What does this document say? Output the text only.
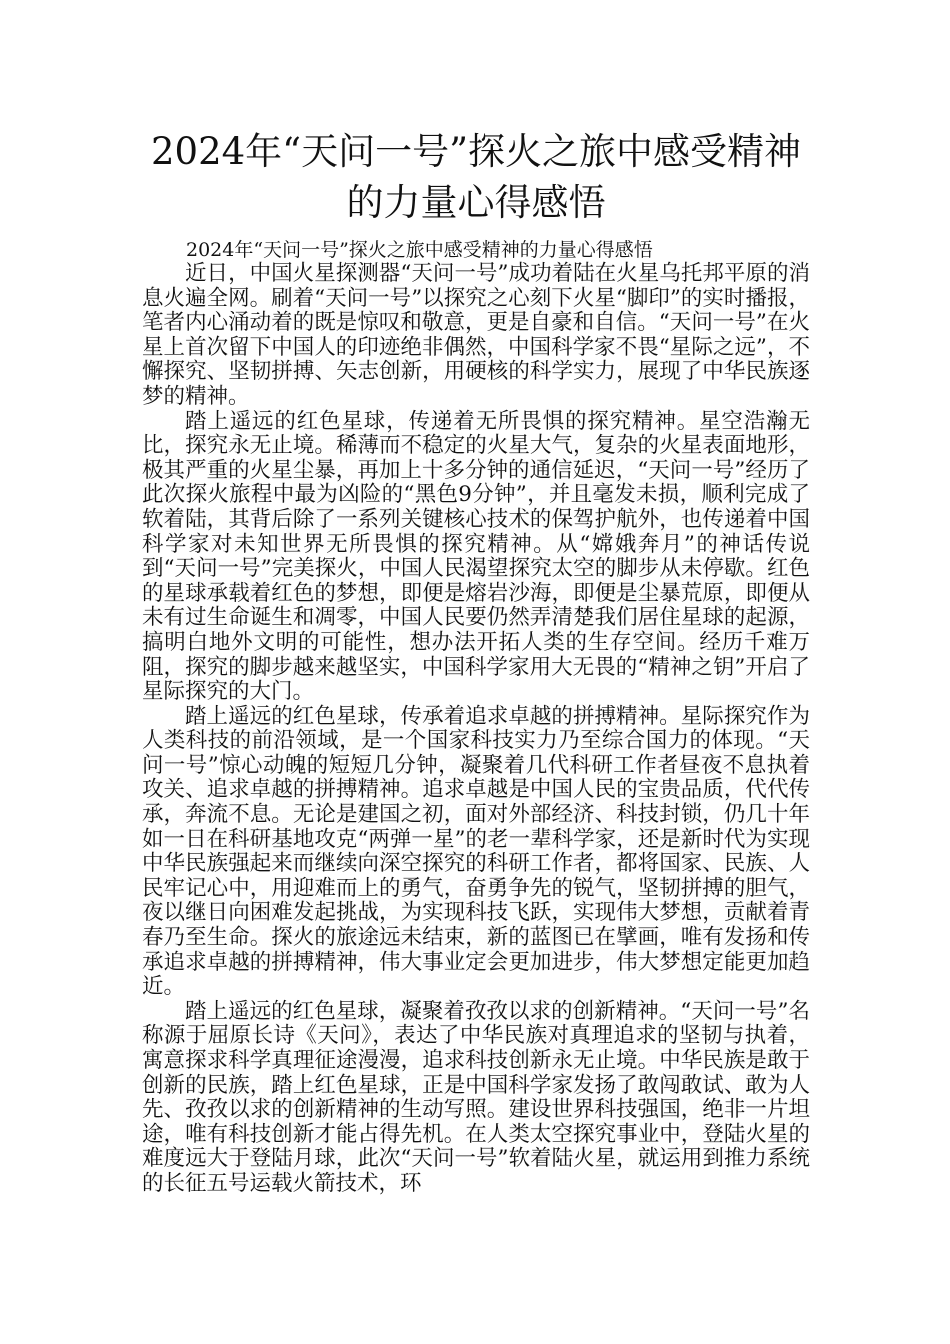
2024年“天问一号”探火之旅中感受精神的力量心得感悟
2024年“天问一号”探火之旅中感受精神的力量心得感悟

近日，中国火星探测器“天问一号”成功着陆在火星乌托邦平原的消息火遍全网。刷着“天问一号”以探究之心刻下火星“脚印”的实时播报，笔者内心涌动着的既是惊叹和敬意，更是自豪和自信。“天问一号”在火星上首次留下中国人的印迹绝非偶然，中国科学家不畏“星际之远”，不懈探究、坚韧拼搏、矢志创新，用硬核的科学实力，展现了中华民族逐梦的精神。

踏上遥远的红色星球，传递着无所畏惧的探究精神。星空浩瀚无比，探究永无止境。稀薄而不稳定的火星大气，复杂的火星表面地形，极其严重的火星尘暴，再加上十多分钟的通信延迟，“天问一号”经历了此次探火旅程中最为凶险的“黑色9分钟”，并且毫发未损，顺利完成了软着陆，其背后除了一系列关键核心技术的保驾护航外，也传递着中国科学家对未知世界无所畏惧的探究精神。从“嫦娥奔月”的神话传说到“天问一号”完美探火，中国人民渴望探究太空的脚步从未停歇。红色的星球承载着红色的梦想，即便是熔岩沙海，即便是尘暴荒原，即便从未有过生命诞生和凋零，中国人民要仍然弄清楚我们居住星球的起源，搞明白地外文明的可能性，想办法开拓人类的生存空间。经历千难万阻，探究的脚步越来越坚实，中国科学家用大无畏的“精神之钥”开启了星际探究的大门。

踏上遥远的红色星球，传承着追求卓越的拼搏精神。星际探究作为人类科技的前沿领域，是一个国家科技实力乃至综合国力的体现。“天问一号”惊心动魄的短短几分钟，凝聚着几代科研工作者昼夜不息执着攻关、追求卓越的拼搏精神。追求卓越是中国人民的宝贵品质，代代传承，奔流不息。无论是建国之初，面对外部经济、科技封锁，仍几十年如一日在科研基地攻克“两弹一星”的老一辈科学家，还是新时代为实现中华民族强起来而继续向深空探究的科研工作者，都将国家、民族、人民牢记心中，用迎难而上的勇气，奋勇争先的锐气，坚韧拼搏的胆气，夜以继日向困难发起挑战，为实现科技飞跃，实现伟大梦想，贡献着青春乃至生命。探火的旅途远未结束，新的蓝图已在擘画，唯有发扬和传承追求卓越的拼搏精神，伟大事业定会更加进步，伟大梦想定能更加趋近。

踏上遥远的红色星球，凝聚着孜孜以求的创新精神。“天问一号”名称源于屈原长诗《天问》，表达了中华民族对真理追求的坚韧与执着，寓意探求科学真理征途漫漫，追求科技创新永无止境。中华民族是敢于创新的民族，踏上红色星球，正是中国科学家发扬了敢闯敢试、敢为人先、孜孜以求的创新精神的生动写照。建设世界科技强国，绝非一片坦途，唯有科技创新才能占得先机。在人类太空探究事业中，登陆火星的难度远大于登陆月球，此次“天问一号”软着陆火星，就运用到推力系统的长征五号运载火箭技术，环
